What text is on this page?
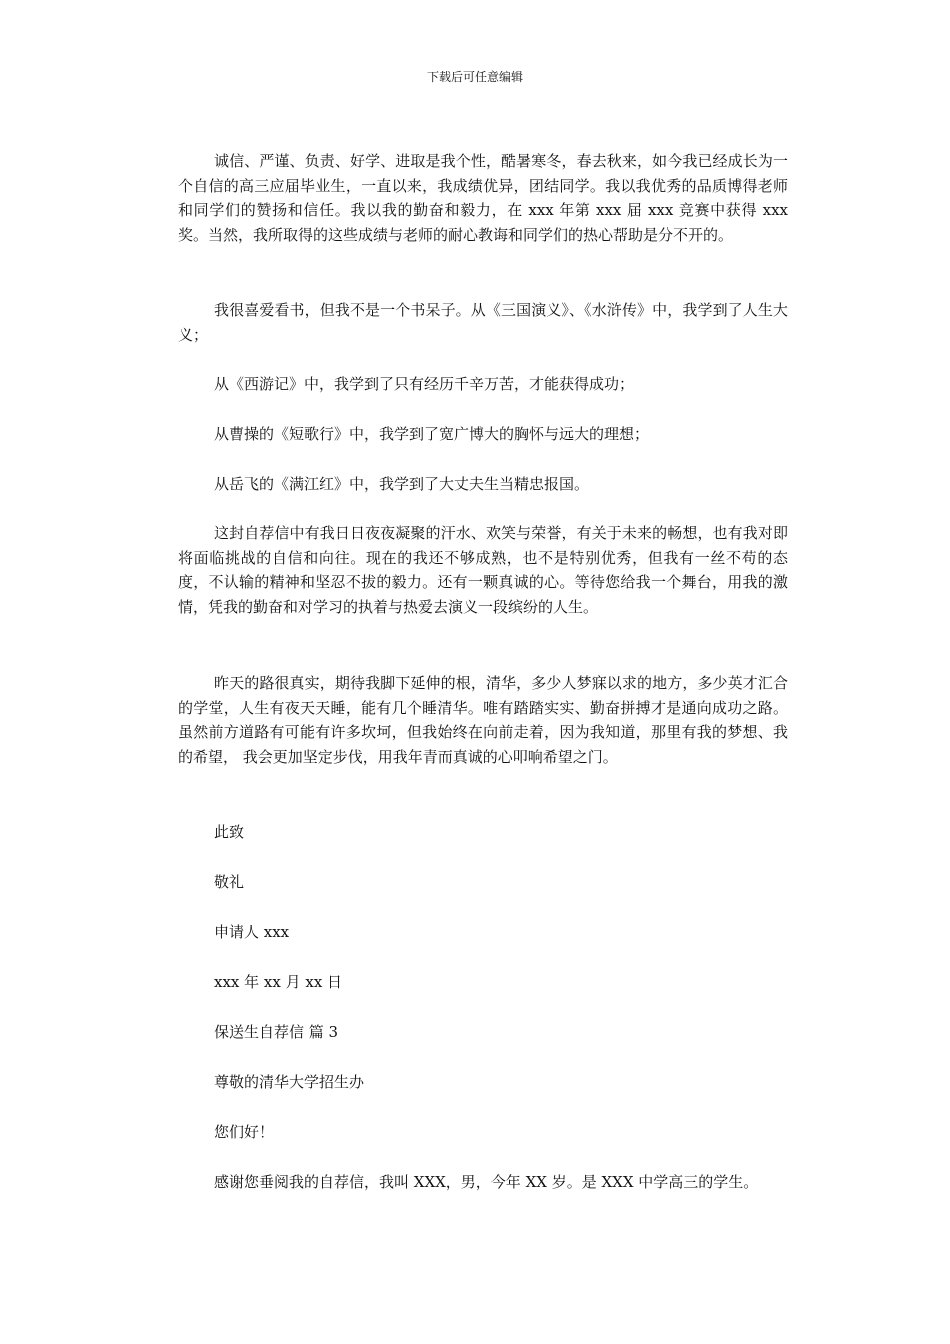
下载后可任意编辑
诚信、严谨、负责、好学、进取是我个性，酷暑寒冬，春去秋来，如今我已经成长为一个自信的高三应届毕业生，一直以来，我成绩优异，团结同学。我以我优秀的品质博得老师和同学们的赞扬和信任。我以我的勤奋和毅力，在 xxx 年第 xxx 届 xxx 竞赛中获得 xxx 奖。当然，我所取得的这些成绩与老师的耐心教诲和同学们的热心帮助是分不开的。
我很喜爱看书，但我不是一个书呆子。从《三国演义》、《水浒传》中，我学到了人生大义；
从《西游记》中，我学到了只有经历千辛万苦，才能获得成功；
从曹操的《短歌行》中，我学到了宽广博大的胸怀与远大的理想；
从岳飞的《满江红》中，我学到了大丈夫生当精忠报国。
这封自荐信中有我日日夜夜凝聚的汗水、欢笑与荣誉，有关于未来的畅想，也有我对即将面临挑战的自信和向往。现在的我还不够成熟，也不是特别优秀，但我有一丝不苟的态度，不认输的精神和坚忍不拔的毅力。还有一颗真诚的心。等待您给我一个舞台，用我的激情，凭我的勤奋和对学习的执着与热爱去演义一段缤纷的人生。
昨天的路很真实，期待我脚下延伸的根，清华，多少人梦寐以求的地方，多少英才汇合的学堂，人生有夜天天睡，能有几个睡清华。唯有踏踏实实、勤奋拼搏才是通向成功之路。虽然前方道路有可能有许多坎坷，但我始终在向前走着，因为我知道，那里有我的梦想、我的希望， 我会更加坚定步伐，用我年青而真诚的心叩响希望之门。
此致
敬礼
申请人 xxx
xxx 年 xx 月 xx 日
保送生自荐信 篇 3
尊敬的清华大学招生办
您们好！
感谢您垂阅我的自荐信，我叫 XXX，男，今年 XX 岁。是 XXX 中学高三的学生。
